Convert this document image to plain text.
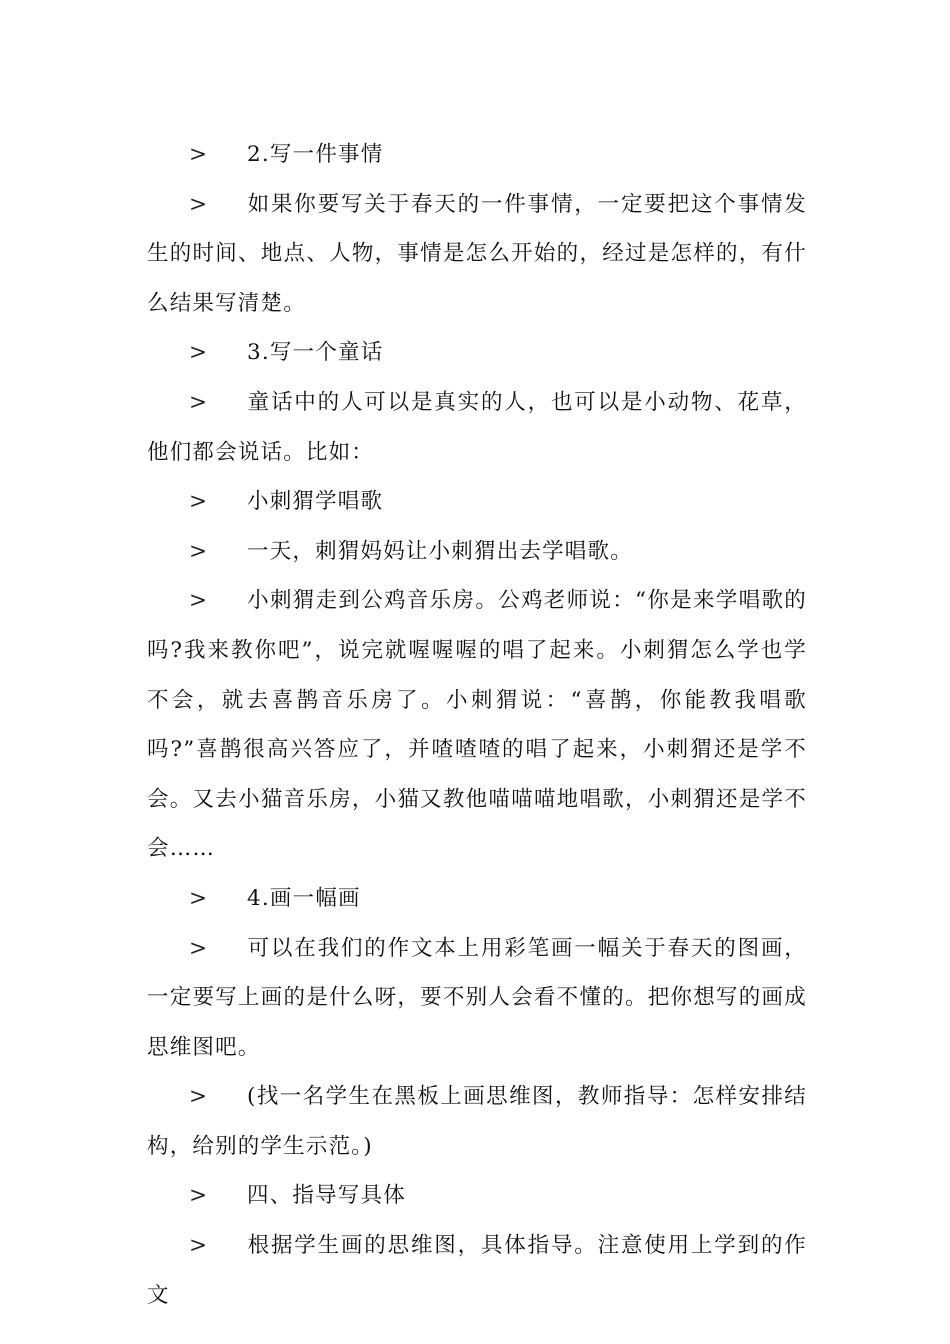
> 2.写一件事情

> 如果你要写关于春天的一件事情，一定要把这个事情发生的时间、地点、人物，事情是怎么开始的，经过是怎样的，有什么结果写清楚。

> 3.写一个童话

> 童话中的人可以是真实的人，也可以是小动物、花草，他们都会说话。比如：

> 小刺猬学唱歌

> 一天，刺猬妈妈让小刺猬出去学唱歌。

> 小刺猬走到公鸡音乐房。公鸡老师说：“你是来学唱歌的吗?我来教你吧”，说完就喔喔喔的唱了起来。小刺猬怎么学也学不会，就去喜鹊音乐房了。小刺猬说：“喜鹊，你能教我唱歌吗?”喜鹊很高兴答应了，并喳喳喳的唱了起来，小刺猬还是学不会。又去小猫音乐房，小猫又教他喵喵喵地唱歌，小刺猬还是学不会……

> 4.画一幅画

> 可以在我们的作文本上用彩笔画一幅关于春天的图画，一定要写上画的是什么呀，要不别人会看不懂的。把你想写的画成思维图吧。

> (找一名学生在黑板上画思维图，教师指导：怎样安排结构，给别的学生示范。)

> 四、指导写具体

> 根据学生画的思维图，具体指导。注意使用上学到的作文
